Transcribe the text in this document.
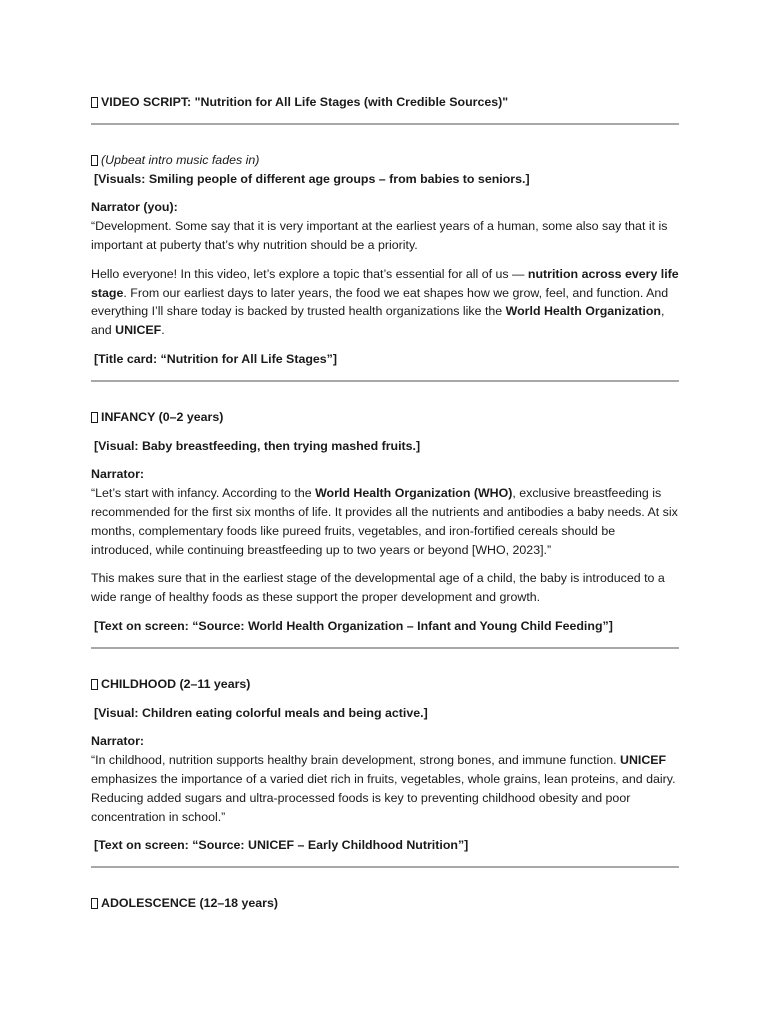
VIDEO SCRIPT: "Nutrition for All Life Stages (with Credible Sources)"
(Upbeat intro music fades in)

[Visuals: Smiling people of different age groups – from babies to seniors.]

Narrator (you):

“Development. Some say that it is very important at the earliest years of a human, some also say that it is important at puberty that’s why nutrition should be a priority.

Hello everyone! In this video, let’s explore a topic that’s essential for all of us — nutrition across every life stage. From our earliest days to later years, the food we eat shapes how we grow, feel, and function. And everything I’ll share today is backed by trusted health organizations like the World Health Organization, and UNICEF.

[Title card: “Nutrition for All Life Stages”]

INFANCY (0–2 years)

[Visual: Baby breastfeeding, then trying mashed fruits.]

Narrator:

“Let’s start with infancy. According to the World Health Organization (WHO), exclusive breastfeeding is recommended for the first six months of life. It provides all the nutrients and antibodies a baby needs. At six months, complementary foods like pureed fruits, vegetables, and iron-fortified cereals should be introduced, while continuing breastfeeding up to two years or beyond [WHO, 2023].”

This makes sure that in the earliest stage of the developmental age of a child, the baby is introduced to a wide range of healthy foods as these support the proper development and growth.

[Text on screen: “Source: World Health Organization – Infant and Young Child Feeding”]

CHILDHOOD (2–11 years)

[Visual: Children eating colorful meals and being active.]

Narrator:

“In childhood, nutrition supports healthy brain development, strong bones, and immune function. UNICEF emphasizes the importance of a varied diet rich in fruits, vegetables, whole grains, lean proteins, and dairy. Reducing added sugars and ultra-processed foods is key to preventing childhood obesity and poor concentration in school.”

[Text on screen: “Source: UNICEF – Early Childhood Nutrition”]

ADOLESCENCE (12–18 years)
